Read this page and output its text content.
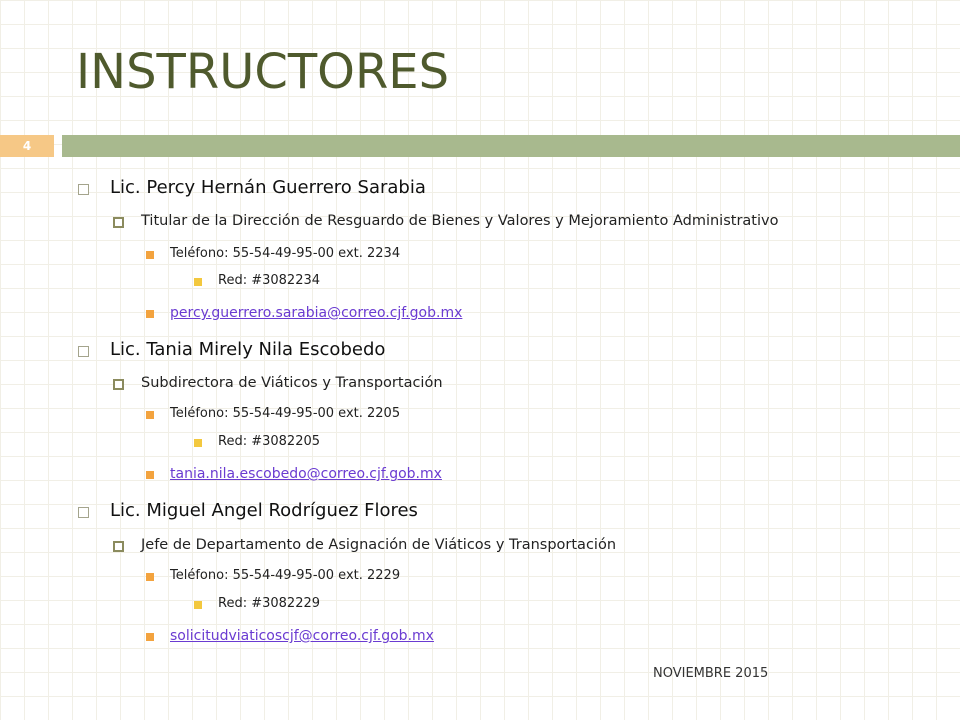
INSTRUCTORES
4
Lic. Percy Hernán Guerrero Sarabia
Titular de la Dirección de Resguardo de Bienes y Valores y Mejoramiento Administrativo
Teléfono: 55-54-49-95-00 ext. 2234
Red: #3082234
percy.guerrero.sarabia@correo.cjf.gob.mx
Lic. Tania Mirely Nila Escobedo
Subdirectora de Viáticos y Transportación
Teléfono: 55-54-49-95-00 ext. 2205
Red: #3082205
tania.nila.escobedo@correo.cjf.gob.mx
Lic. Miguel Angel Rodríguez Flores
Jefe de Departamento de Asignación de Viáticos y Transportación
Teléfono: 55-54-49-95-00 ext. 2229
Red: #3082229
solicitudviaticoscjf@correo.cjf.gob.mx
NOVIEMBRE 2015
